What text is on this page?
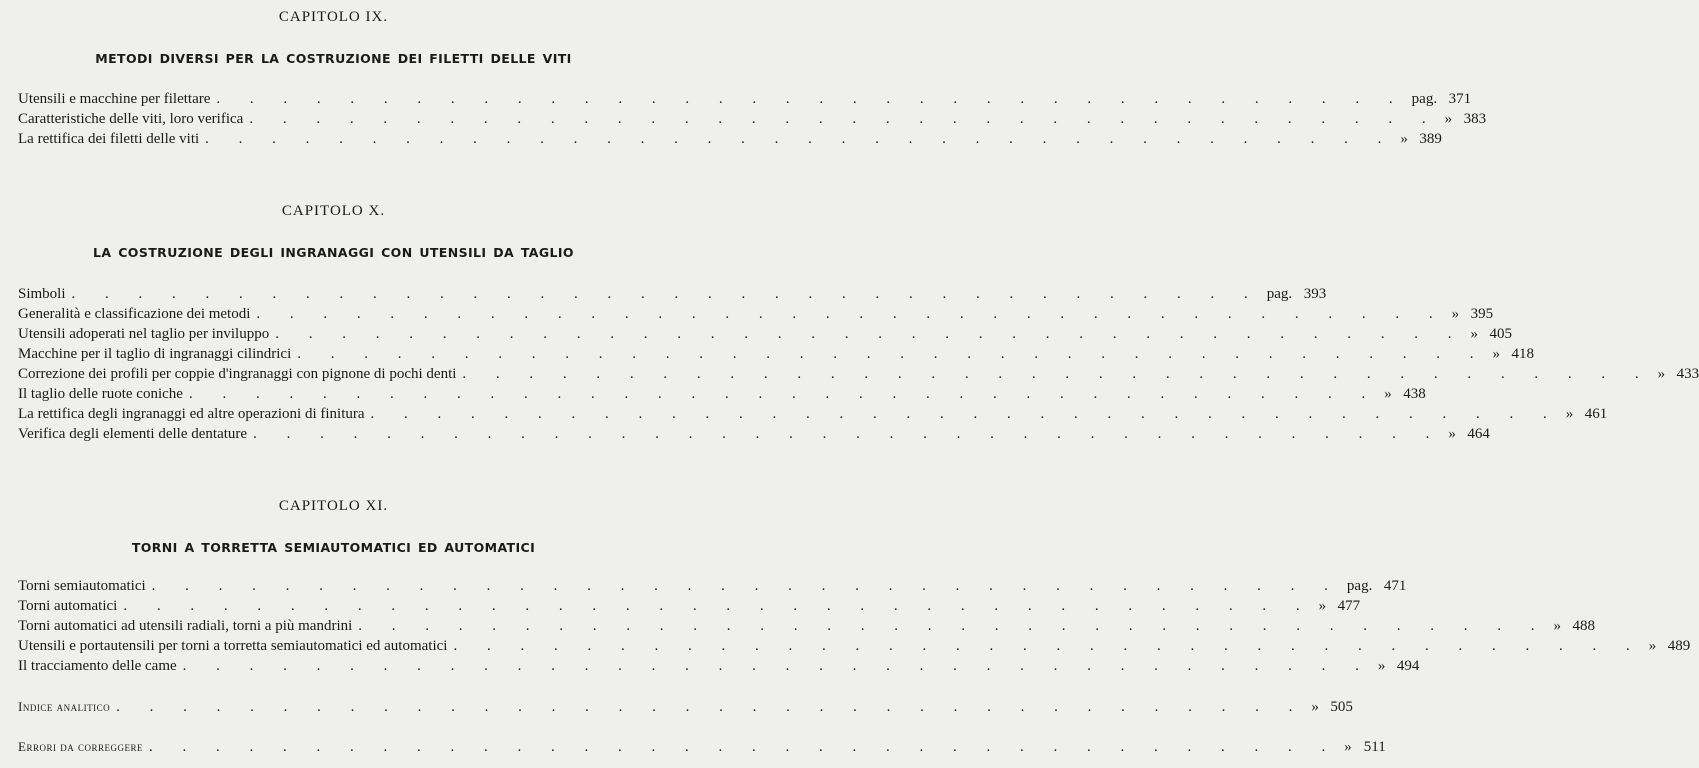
CAPITOLO IX.
METODI DIVERSI PER LA COSTRUZIONE DEI FILETTI DELLE VITI
Utensili e macchine per filettare . . . . . . . . . . . . . . . . . . . . . . . . . . . . . . . . . . . . pag. 371
Caratteristiche delle viti, loro verifica . . . . . . . . . . . . . . . . . . . . . . . . . . . . . . . . . . . . » 383
La rettifica dei filetti delle viti . . . . . . . . . . . . . . . . . . . . . . . . . . . . . . . . . . . . » 389
CAPITOLO X.
LA COSTRUZIONE DEGLI INGRANAGGI CON UTENSILI DA TAGLIO
Simboli . . . . . . . . . . . . . . . . . . . . . . . . . . . . . . . . . . . . pag. 393
Generalità e classificazione dei metodi . . . . . . . . . . . . . . . . . . . . . . . . . . . . . . . . . . . . » 395
Utensili adoperati nel taglio per inviluppo . . . . . . . . . . . . . . . . . . . . . . . . . . . . . . . . . . . . » 405
Macchine per il taglio di ingranaggi cilindrici . . . . . . . . . . . . . . . . . . . . . . . . . . . . . . . . . . . . » 418
Correzione dei profili per coppie d'ingranaggi con pignone di pochi denti . . . . . . . . . . . . . . . . . . . . . . . . . . . . . . . . . . . . » 433
Il taglio delle ruote coniche . . . . . . . . . . . . . . . . . . . . . . . . . . . . . . . . . . . . » 438
La rettifica degli ingranaggi ed altre operazioni di finitura . . . . . . . . . . . . . . . . . . . . . . . . . . . . . . . . . . . . » 461
Verifica degli elementi delle dentature . . . . . . . . . . . . . . . . . . . . . . . . . . . . . . . . . . . . » 464
CAPITOLO XI.
TORNI A TORRETTA SEMIAUTOMATICI ED AUTOMATICI
Torni semiautomatici . . . . . . . . . . . . . . . . . . . . . . . . . . . . . . . . . . . . pag. 471
Torni automatici . . . . . . . . . . . . . . . . . . . . . . . . . . . . . . . . . . . . » 477
Torni automatici ad utensili radiali, torni a più mandrini . . . . . . . . . . . . . . . . . . . . . . . . . . . . . . . . . . . . » 488
Utensili e portautensili per torni a torretta semiautomatici ed automatici . . . . . . . . . . . . . . . . . . . . . . . . . . . . . . . . . . . . » 489
Il tracciamento delle came . . . . . . . . . . . . . . . . . . . . . . . . . . . . . . . . . . . . » 494
Indice analitico . . . . . . . . . . . . . . . . . . . . . . . . . . . . . . . . . . . . » 505
Errori da correggere . . . . . . . . . . . . . . . . . . . . . . . . . . . . . . . . . . . . » 511
